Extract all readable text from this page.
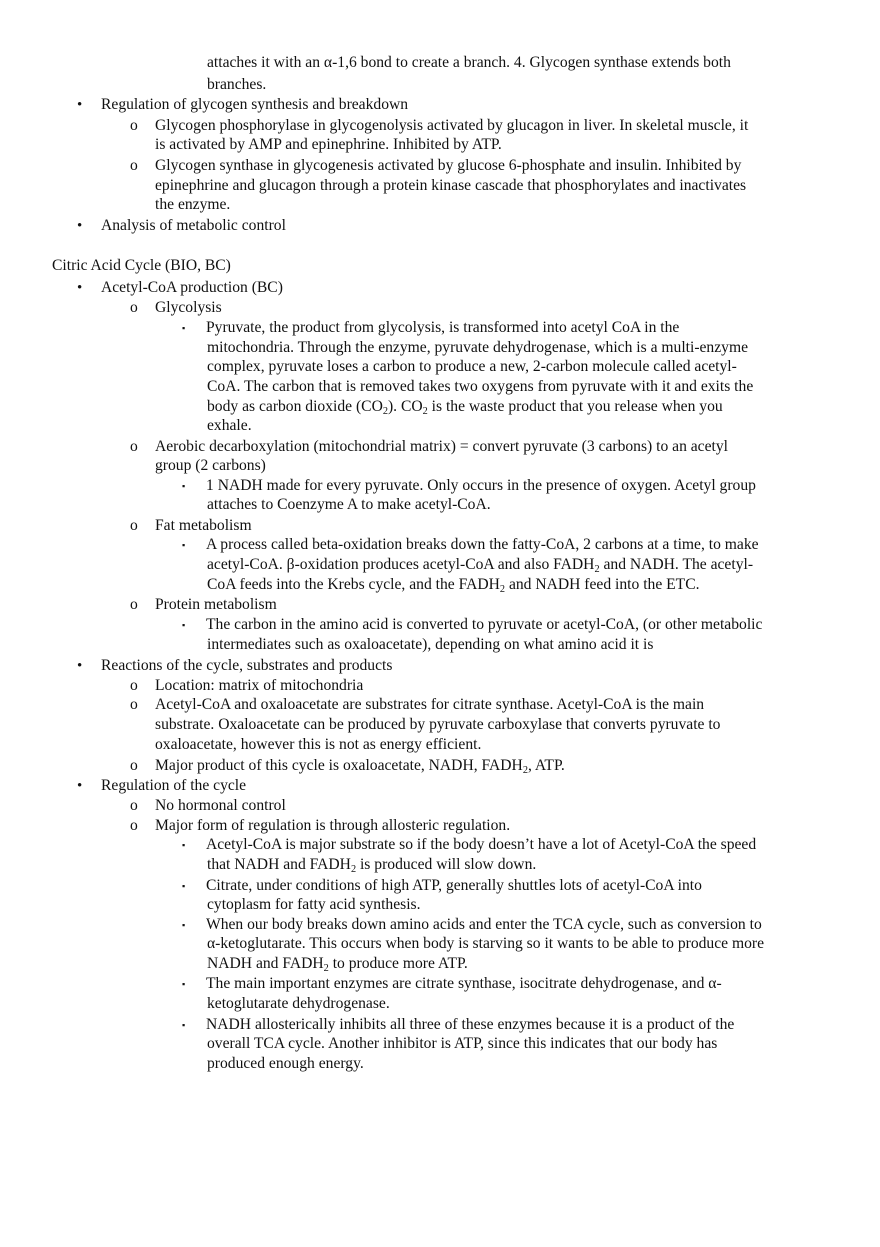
attaches it with an α-1,6 bond to create a branch. 4. Glycogen synthase extends both
branches.
• Regulation of glycogen synthesis and breakdown
o Glycogen phosphorylase in glycogenolysis activated by glucagon in liver. In skeletal muscle, it
is activated by AMP and epinephrine. Inhibited by ATP.
o Glycogen synthase in glycogenesis activated by glucose 6-phosphate and insulin. Inhibited by
epinephrine and glucagon through a protein kinase cascade that phosphorylates and inactivates
the enzyme.
• Analysis of metabolic control
Citric Acid Cycle (BIO, BC)
• Acetyl-CoA production (BC)
o Glycolysis
▪ Pyruvate, the product from glycolysis, is transformed into acetyl CoA in the
mitochondria. Through the enzyme, pyruvate dehydrogenase, which is a multi-enzyme
complex, pyruvate loses a carbon to produce a new, 2-carbon molecule called acetyl-
CoA. The carbon that is removed takes two oxygens from pyruvate with it and exits the
body as carbon dioxide $(CO_2)$. $CO_2$ is the waste product that you release when you
exhale.
o Aerobic decarboxylation (mitochondrial matrix) = convert pyruvate (3 carbons) to an acetyl
group (2 carbons)
▪ 1 NADH made for every pyruvate. Only occurs in the presence of oxygen. Acetyl group
attaches to Coenzyme A to make acetyl-CoA.
o Fat metabolism
▪ A process called beta-oxidation breaks down the fatty-CoA, 2 carbons at a time, to make
acetyl-CoA. β-oxidation produces acetyl-CoA and also $FADH_2$ and NADH. The acetyl-
CoA feeds into the Krebs cycle, and the $FADH_2$ and NADH feed into the ETC.
o Protein metabolism
▪ The carbon in the amino acid is converted to pyruvate or acetyl-CoA, (or other metabolic
intermediates such as oxaloacetate), depending on what amino acid it is
• Reactions of the cycle, substrates and products
o Location: matrix of mitochondria
o Acetyl-CoA and oxaloacetate are substrates for citrate synthase. Acetyl-CoA is the main
substrate. Oxaloacetate can be produced by pyruvate carboxylase that converts pyruvate to
oxaloacetate, however this is not as energy efficient.
o Major product of this cycle is oxaloacetate, NADH, $FADH_2$, ATP.
• Regulation of the cycle
o No hormonal control
o Major form of regulation is through allosteric regulation.
▪ Acetyl-CoA is major substrate so if the body doesn’t have a lot of Acetyl-CoA the speed
that NADH and $FADH_2$ is produced will slow down.
▪ Citrate, under conditions of high ATP, generally shuttles lots of acetyl-CoA into
cytoplasm for fatty acid synthesis.
▪ When our body breaks down amino acids and enter the TCA cycle, such as conversion to
α-ketoglutarate. This occurs when body is starving so it wants to be able to produce more
NADH and $FADH_2$ to produce more ATP.
▪ The main important enzymes are citrate synthase, isocitrate dehydrogenase, and α-
ketoglutarate dehydrogenase.
▪ NADH allosterically inhibits all three of these enzymes because it is a product of the
overall TCA cycle. Another inhibitor is ATP, since this indicates that our body has
produced enough energy.
